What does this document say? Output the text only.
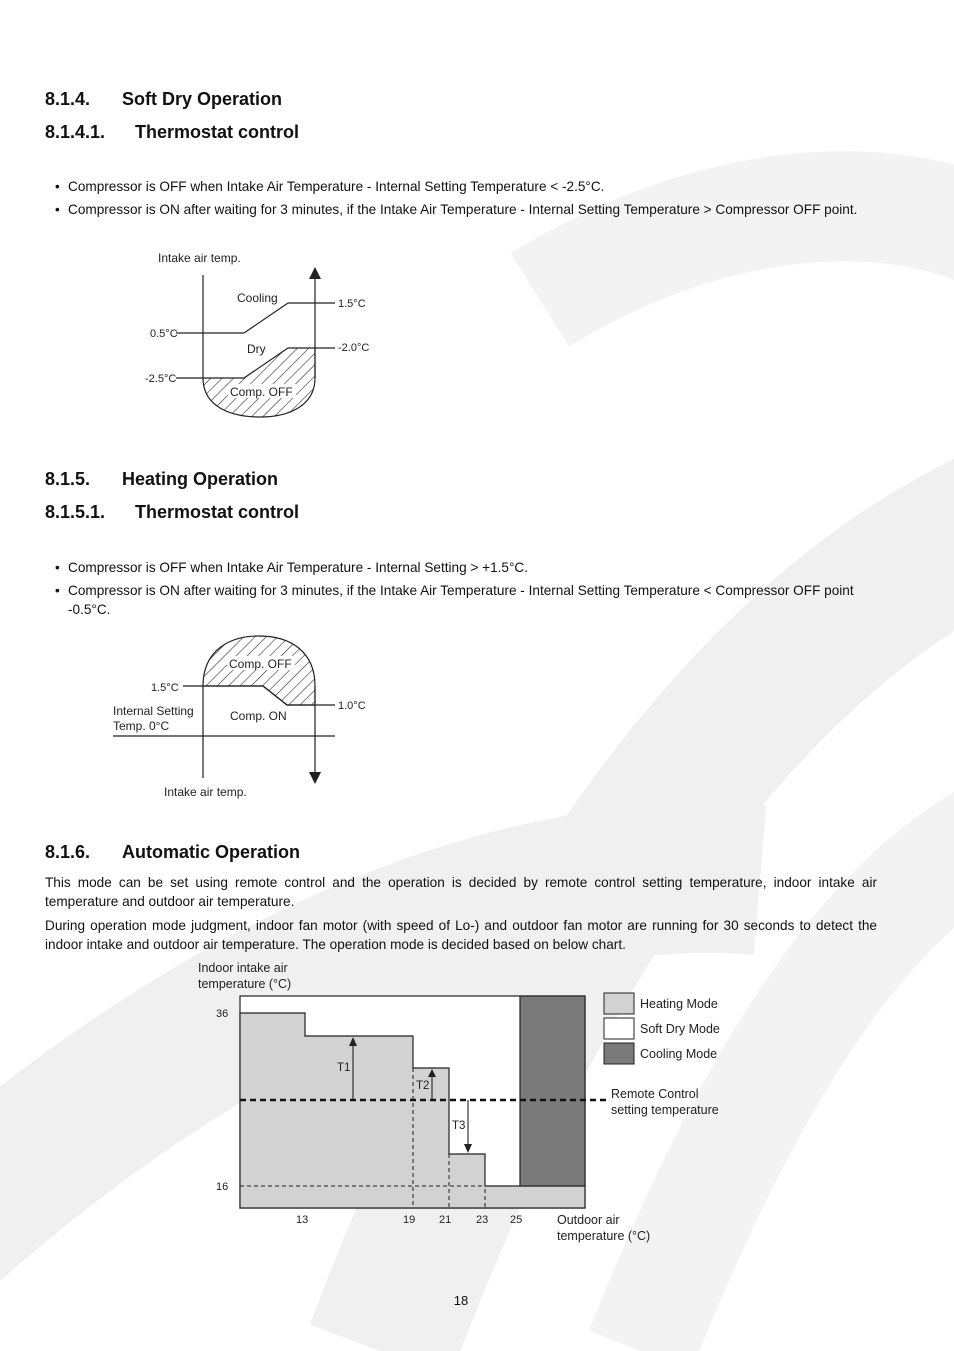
8.1.4. Soft Dry Operation
8.1.4.1. Thermostat control
• Compressor is OFF when Intake Air Temperature - Internal Setting Temperature < -2.5°C.
• Compressor is ON after waiting for 3 minutes, if the Intake Air Temperature - Internal Setting Temperature > Compressor OFF point.
Intake air temp.
Cooling
Dry
Comp. OFF
0.5°C
-2.5°C
1.5°C
-2.0°C
8.1.5. Heating Operation
8.1.5.1. Thermostat control
• Compressor is OFF when Intake Air Temperature - Internal Setting > +1.5°C.
• Compressor is ON after waiting for 3 minutes, if the Intake Air Temperature - Internal Setting Temperature < Compressor OFF point -0.5°C.
Comp. OFF
Comp. ON
1.5°C
Internal Setting
Temp. 0°C
1.0°C
Intake air temp.
8.1.6. Automatic Operation
This mode can be set using remote control and the operation is decided by remote control setting temperature, indoor intake air temperature and outdoor air temperature.
During operation mode judgment, indoor fan motor (with speed of Lo-) and outdoor fan motor are running for 30 seconds to detect the indoor intake and outdoor air temperature. The operation mode is decided based on below chart.
Indoor intake air
temperature (°C)
T1
T2
T3
36
16
13	19 21 23 25	Outdoor air
temperature (°C)
Heating Mode
Soft Dry Mode
Cooling Mode
Remote Control
setting temperature
18
